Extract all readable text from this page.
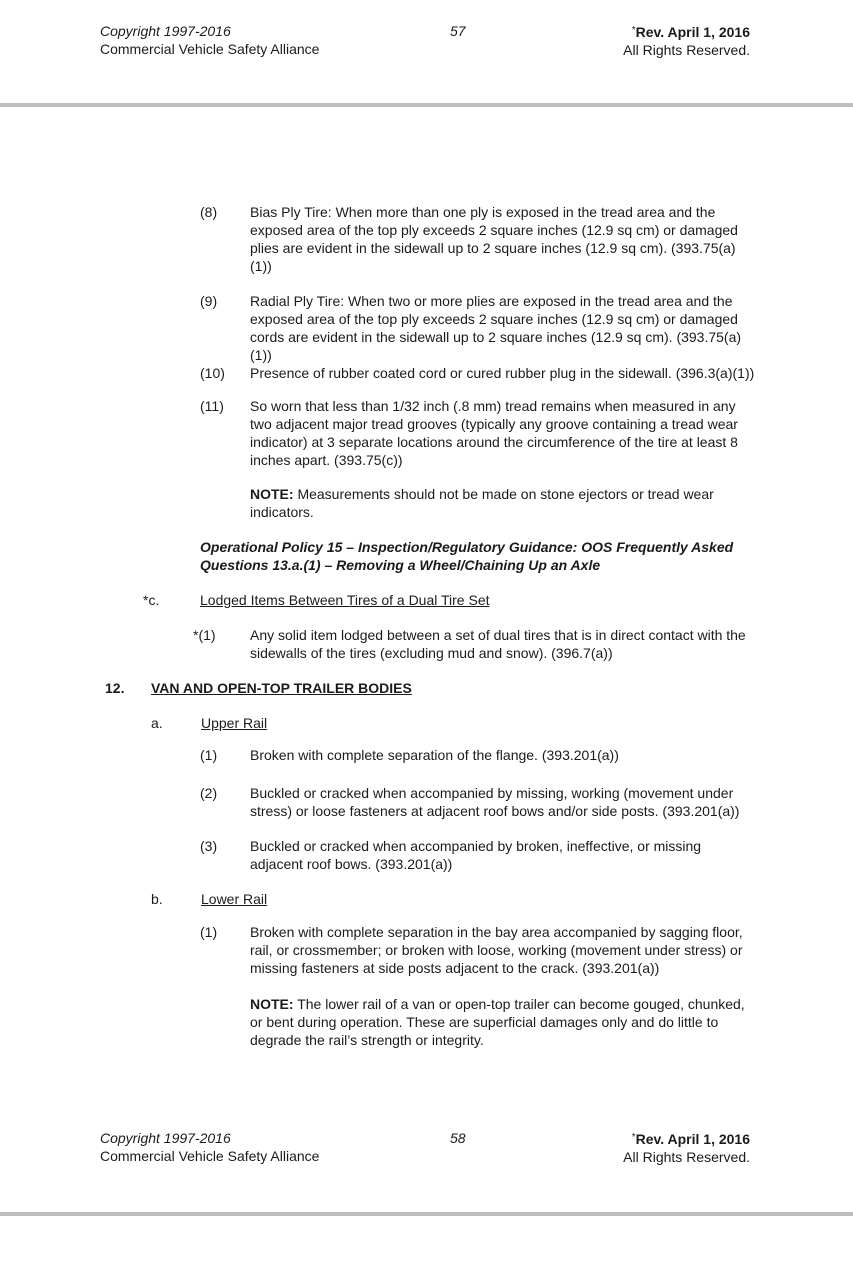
Copyright 1997-2016
Commercial Vehicle Safety Alliance
57	*Rev. April 1, 2016
All Rights Reserved.
(8)	Bias Ply Tire: When more than one ply is exposed in the tread area and the exposed area of the top ply exceeds 2 square inches (12.9 sq cm) or damaged plies are evident in the sidewall up to 2 square inches (12.9 sq cm). (393.75(a)(1))
(9)	Radial Ply Tire: When two or more plies are exposed in the tread area and the exposed area of the top ply exceeds 2 square inches (12.9 sq cm) or damaged cords are evident in the sidewall up to 2 square inches (12.9 sq cm). (393.75(a)(1))
(10)	Presence of rubber coated cord or cured rubber plug in the sidewall. (396.3(a)(1))
(11)	So worn that less than 1/32 inch (.8 mm) tread remains when measured in any two adjacent major tread grooves (typically any groove containing a tread wear indicator) at 3 separate locations around the circumference of the tire at least 8 inches apart. (393.75(c))
NOTE: Measurements should not be made on stone ejectors or tread wear indicators.
Operational Policy 15 – Inspection/Regulatory Guidance: OOS Frequently Asked Questions 13.a.(1) – Removing a Wheel/Chaining Up an Axle
*c.	Lodged Items Between Tires of a Dual Tire Set
*(1)	Any solid item lodged between a set of dual tires that is in direct contact with the sidewalls of the tires (excluding mud and snow). (396.7(a))
12.	VAN AND OPEN-TOP TRAILER BODIES
a.	Upper Rail
(1)	Broken with complete separation of the flange. (393.201(a))
(2)	Buckled or cracked when accompanied by missing, working (movement under stress) or loose fasteners at adjacent roof bows and/or side posts. (393.201(a))
(3)	Buckled or cracked when accompanied by broken, ineffective, or missing adjacent roof bows. (393.201(a))
b.	Lower Rail
(1)	Broken with complete separation in the bay area accompanied by sagging floor, rail, or crossmember; or broken with loose, working (movement under stress) or missing fasteners at side posts adjacent to the crack. (393.201(a))
NOTE: The lower rail of a van or open-top trailer can become gouged, chunked, or bent during operation. These are superficial damages only and do little to degrade the rail’s strength or integrity.
Copyright 1997-2016
Commercial Vehicle Safety Alliance
58	*Rev. April 1, 2016
All Rights Reserved.
